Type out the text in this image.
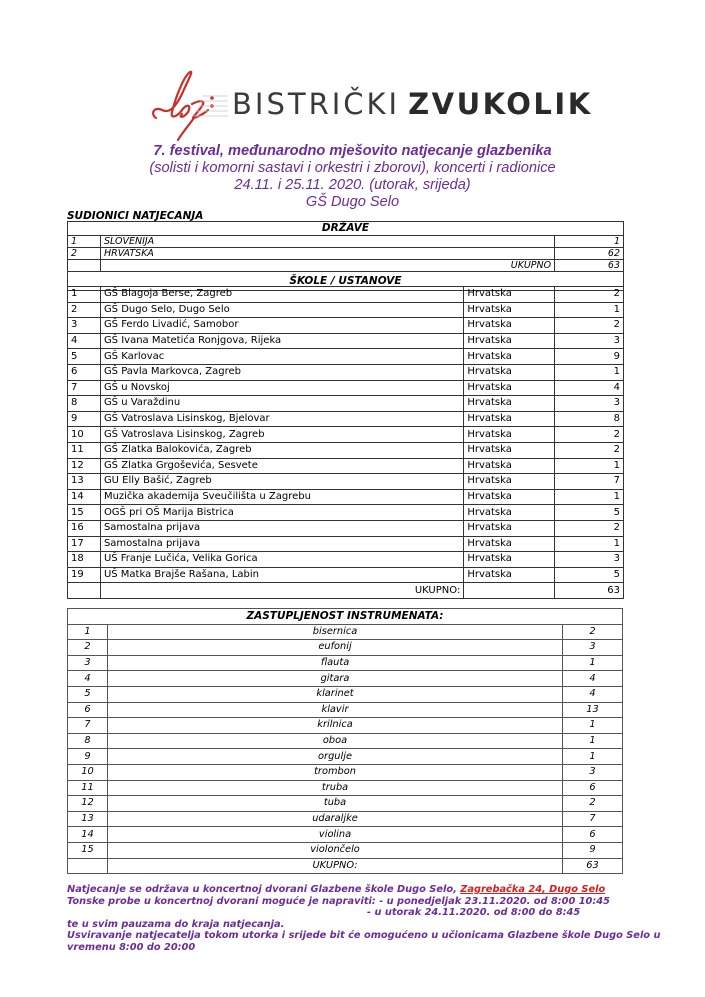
BISTRIČKI ZVUKOLIK
7. festival, međunarodno mješovito natjecanje glazbenika
(solisti i komorni sastavi i orkestri i zborovi), koncerti i radionice
24.11. i 25.11. 2020. (utorak, srijeda)
GŠ Dugo Selo
SUDIONICI NATJECANJA
DRŽAVE		
1	SLOVENIJA	1
2	HRVATSKA	62
	UKUPNO	63
ŠKOLE / USTANOVE		
1	GŠ Blagoja Berse, Zagreb	Hrvatska	2
2	GŠ Dugo Selo, Dugo Selo	Hrvatska	1
3	GŠ Ferdo Livadić, Samobor	Hrvatska	2
4	GŠ Ivana Matetića Ronjgova, Rijeka	Hrvatska	3
5	GŠ Karlovac	Hrvatska	9
6	GŠ Pavla Markovca, Zagreb	Hrvatska	1
7	GŠ u Novskoj	Hrvatska	4
8	GŠ u Varaždinu	Hrvatska	3
9	GŠ Vatroslava Lisinskog, Bjelovar	Hrvatska	8
10	GŠ Vatroslava Lisinskog, Zagreb	Hrvatska	2
11	GŠ Zlatka Balokovića, Zagreb	Hrvatska	2
12	GŠ Zlatka Grgoševića, Sesvete	Hrvatska	1
13	GU Elly Bašić, Zagreb	Hrvatska	7
14	Muzička akademija Sveučilišta u Zagrebu	Hrvatska	1
15	OGŠ pri OŠ Marija Bistrica	Hrvatska	5
16	Samostalna prijava	Hrvatska	2
17	Samostalna prijava	Hrvatska	1
18	UŠ Franje Lučića, Velika Gorica	Hrvatska	3
19	UŠ Matka Brajše Rašana, Labin	Hrvatska	5
	UKUPNO:		63
ZASTUPLJENOST INSTRUMENATA:		
1	bisernica	2
2	eufonij	3
3	flauta	1
4	gitara	4
5	klarinet	4
6	klavir	13
7	krilnica	1
8	oboa	1
9	orgulje	1
10	trombon	3
11	truba	6
12	tuba	2
13	udaraljke	7
14	violina	6
15	violončelo	9
	UKUPNO:	63
Natjecanje se održava u koncertnoj dvorani Glazbene škole Dugo Selo, Zagrebačka 24, Dugo Selo
Tonske probe u koncertnoj dvorani moguće je napraviti: - u ponedjeljak 23.11.2020. od 8:00 10:45
- u utorak 24.11.2020. od 8:00 do 8:45
te u svim pauzama do kraja natjecanja.
Usviravanje natjecatelja tokom utorka i srijede bit će omogućeno u učionicama Glazbene škole Dugo Selo u
vremenu 8:00 do 20:00
